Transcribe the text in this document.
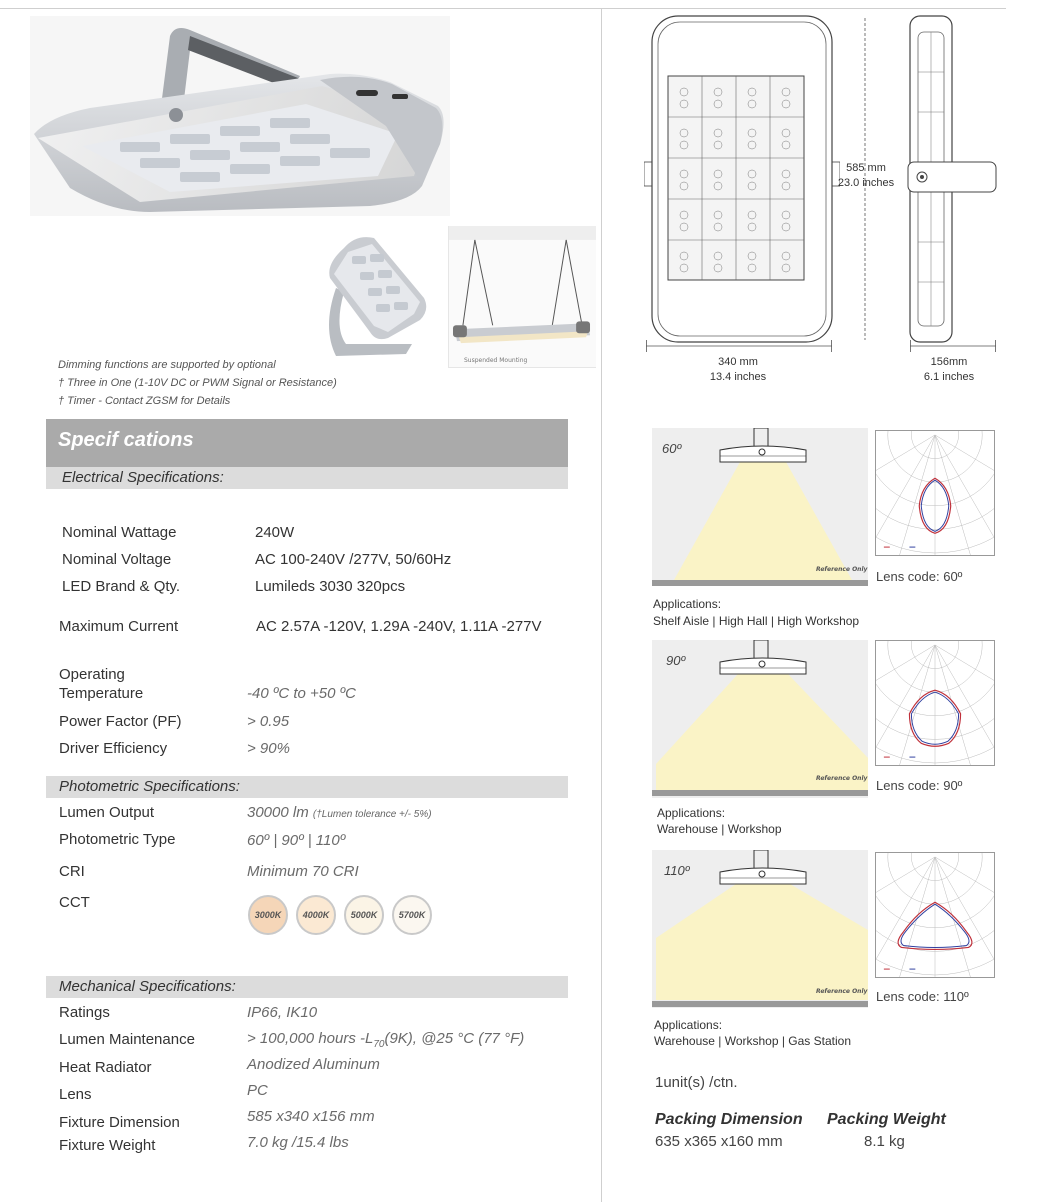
Suspended Mounting
Dimming functions are supported by optional
† Three in One (1-10V DC or PWM Signal or Resistance)
† Timer - Contact ZGSM for Details
Specif cations
Electrical Specifications:
Nominal Wattage	240W
Nominal Voltage	AC 100-240V /277V, 50/60Hz
LED Brand & Qty.	Lumileds 3030 320pcs
Maximum Current	AC 2.57A -120V, 1.29A -240V, 1.11A -277V
Operating
Temperature	-40 ºC to +50 ºC
Power Factor (PF)	> 0.95
Driver Efficiency	> 90%
Photometric Specifications:
Lumen Output	30000 lm (†Lumen tolerance +/- 5%)
Photometric Type	60º | 90º | 110º
CRI	Minimum 70 CRI
CCT
3000K 4000K 5000K 5700K
Mechanical Specifications:
Ratings	IP66, IK10
Lumen Maintenance	> 100,000 hours $-L_{70}(9K)$, @25 °C (77 °F)
Heat Radiator	Anodized Aluminum
Lens	PC
Fixture Dimension	585 x340 x156 mm
Fixture Weight	7.0 kg /15.4 lbs
585 mm
23.0 inches
340 mm
13.4 inches
156mm
6.1 inches
60º
Reference Only Lens code: 60º
Applications:
Shelf Aisle | High Hall | High Workshop
90º
Reference Only Lens code: 90º
Applications:
Warehouse | Workshop
110º
Reference Only Lens code: 110º
Applications:
Warehouse | Workshop | Gas Station
1unit(s) /ctn.
Packing Dimension
635 x365 x160 mm
Packing Weight
8.1 kg
